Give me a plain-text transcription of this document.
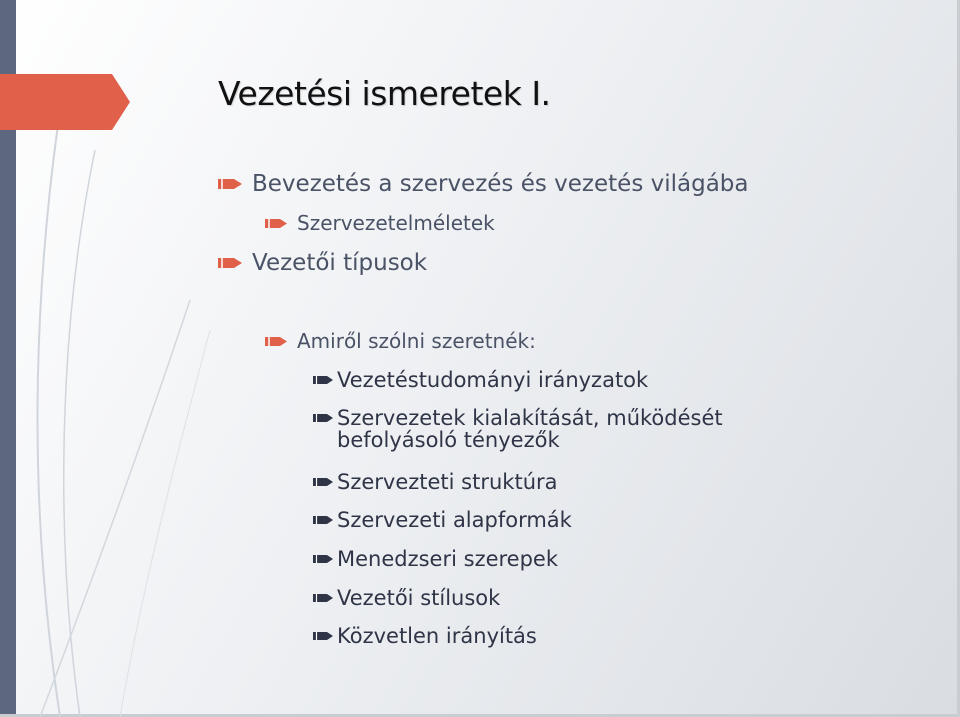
Vezetési ismeretek I.
Bevezetés a szervezés és vezetés világába
Szervezetelméletek
Vezetői típusok
Amiről szólni szeretnék:
Vezetéstudományi irányzatok
Szervezetek kialakítását, működését
befolyásoló tényezők
Szervezteti struktúra
Szervezeti alapformák
Menedzseri szerepek
Vezetői stílusok
Közvetlen irányítás
